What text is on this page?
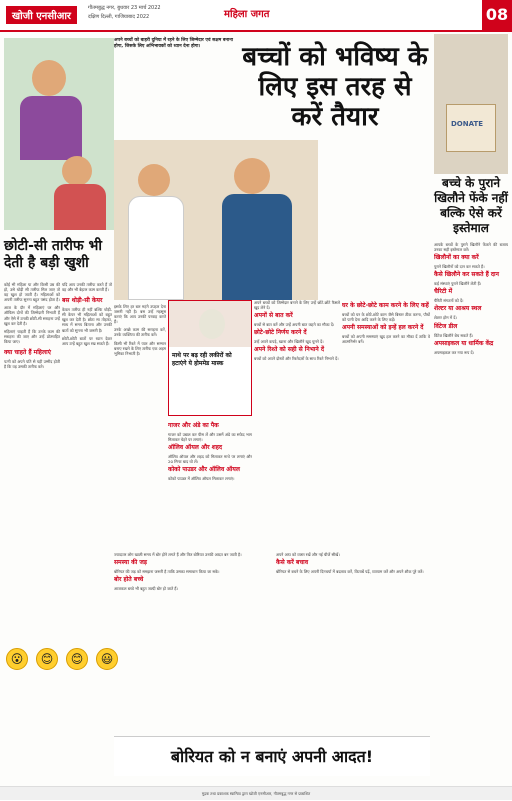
खोजी एनसीआर
गौतमबुद्ध नगर, बुधवार 23 मार्च 2022
दक्षिण दिल्ली, गाजियाबाद 2022	महिला जगत	08
अपने बच्चों को बाहरी दुनिया में रहने के लिए जिम्मेदार एवं सक्षम बनाना होगा, जिसके लिए अभिभावकों को ध्यान देना होगा।	बच्चों को भविष्य के लिए इस तरह से करें तैयार
छोटी-सी तारीफ भी देती है बड़ी खुशी
कोई भी महिला या और किसी उम्र की हो, उसे थोड़ी सी तारीफ मिल जाए तो वह खुश हो जाती है। महिलाओं को अपनी तारीफ सुनना बहुत पसंद होता है।
आज के दौर में महिलाएं घर और ऑफिस दोनों की जिम्मेदारी निभाती हैं और ऐसे में उनकी छोटी-सी सराहना उन्हें खुश कर देती है।
महिलाएं चाहती हैं कि उनके काम की सराहना की जाए और उन्हें प्रोत्साहित किया जाए।
क्या चाहते हैं महिलाएं
पत्नी को अपने पति से यही उम्मीद होती है कि वह उसकी तारीफ करे।
यदि आप उनकी तारीफ करते हैं तो वह और भी बेहतर काम करती हैं।
बस थोड़ी-सी केयर
केवल तारीफ ही नहीं बल्कि थोड़ी-सी केयर भी महिलाओं को बहुत खुश कर देती है। छोटा सा तोहफा, साथ में समय बिताना और उनकी बातों को सुनना भी जरूरी है।
छोटी-छोटी बातों पर ध्यान देकर आप उन्हें बहुत खुश रख सकते हैं।
इसके लिए हर बार महंगे उपहार देना जरूरी नहीं है। बस उन्हें महसूस कराएं कि आप उनकी परवाह करते हैं।
उनके अच्छे काम की सराहना करें, उनके व्यक्तित्व की तारीफ करें।
किसी भी रिश्ते में प्यार और सम्मान बनाए रखने के लिए तारीफ एक अहम भूमिका निभाती है।	माथे पर बढ़ रही लकीरों को हटाएंगे ये होममेड मास्क
गाजर और अंडे का पैक
गाजर को उबाल कर पीस लें और उसमें अंडे का सफेद भाग मिलाकर चेहरे पर लगाएं।
ऑलिव ऑयल और शहद
ऑलिव ऑयल और शहद को मिलाकर माथे पर लगाएं और 20 मिनट बाद धो लें।
कोको पाउडर और ऑलिव ऑयल
कोको पाउडर में ऑलिव ऑयल मिलाकर लगाएं।
अपने बच्चों को जिम्मेदार बनाने के लिए उन्हें छोटे-छोटे फैसले खुद लेने दें।
अपनों से बात करें
बच्चों से बात करें और उन्हें अपनी बात कहने का मौका दें।
छोटे-छोटे निर्णय करने दें
उन्हें अपने कपड़े, खाना और खिलौने खुद चुनने दें।
अपने रिश्ते को सही से निभाने दें
बच्चों को अपने दोस्तों और रिश्तेदारों के साथ रिश्ते निभाने दें।
घर के छोटे-छोटे काम करने के लिए कहें
बच्चों को घर के छोटे-छोटे काम जैसे बिस्तर ठीक करना, पौधों को पानी देना आदि करने के लिए कहें।
अपनी समस्याओं को इन्हें हल करने दें
बच्चों को अपनी समस्याएं खुद हल करने का मौका दें ताकि वे आत्मनिर्भर बनें।
ज्यादातर लोग खाली समय में बोर होने लगते हैं और फिर बोरियत उनकी आदत बन जाती है।
समस्या की जड़
बोरियत की जड़ को समझना जरूरी है ताकि उसका समाधान किया जा सके।
बोर होते बच्चे
आजकल बच्चे भी बहुत जल्दी बोर हो जाते हैं।
अपने आप को व्यस्त रखें और नई चीजें सीखें।
कैसे करें बचाव
बोरियत से बचने के लिए अपनी दिनचर्या में बदलाव करें, किताबें पढ़ें, व्यायाम करें और अपने शौक पूरे करें।
DONATE
बच्चे के पुराने खिलौने फेंके नहीं बल्कि ऐसे करें इस्तेमाल
आपके बच्चों के पुराने खिलौने फेंकने की बजाय उनका सही इस्तेमाल करें।
खिलौनों का क्या करें
पुराने खिलौनों को दान कर सकते हैं।
कैसे खिलौने कर सकते हैं दान
कई संस्थाएं पुराने खिलौने लेती हैं।
चैरिटी में
चैरिटी संगठनों को दें।
शेल्टर या आश्रय स्थल
शेल्टर होम में दें।
विंटेज डील
विंटेज खिलौने बेच सकते हैं।
अपसाइकल या धार्मिक केंद्र
अपसाइकल कर नया रूप दें।
😮	😊	😊	😃
बोरियत को न बनाएं अपनी आदत!
मुद्रक तथा प्रकाशक स्वामित्व द्वारा खोजी एनसीआर, गौतमबुद्ध नगर से प्रकाशित
